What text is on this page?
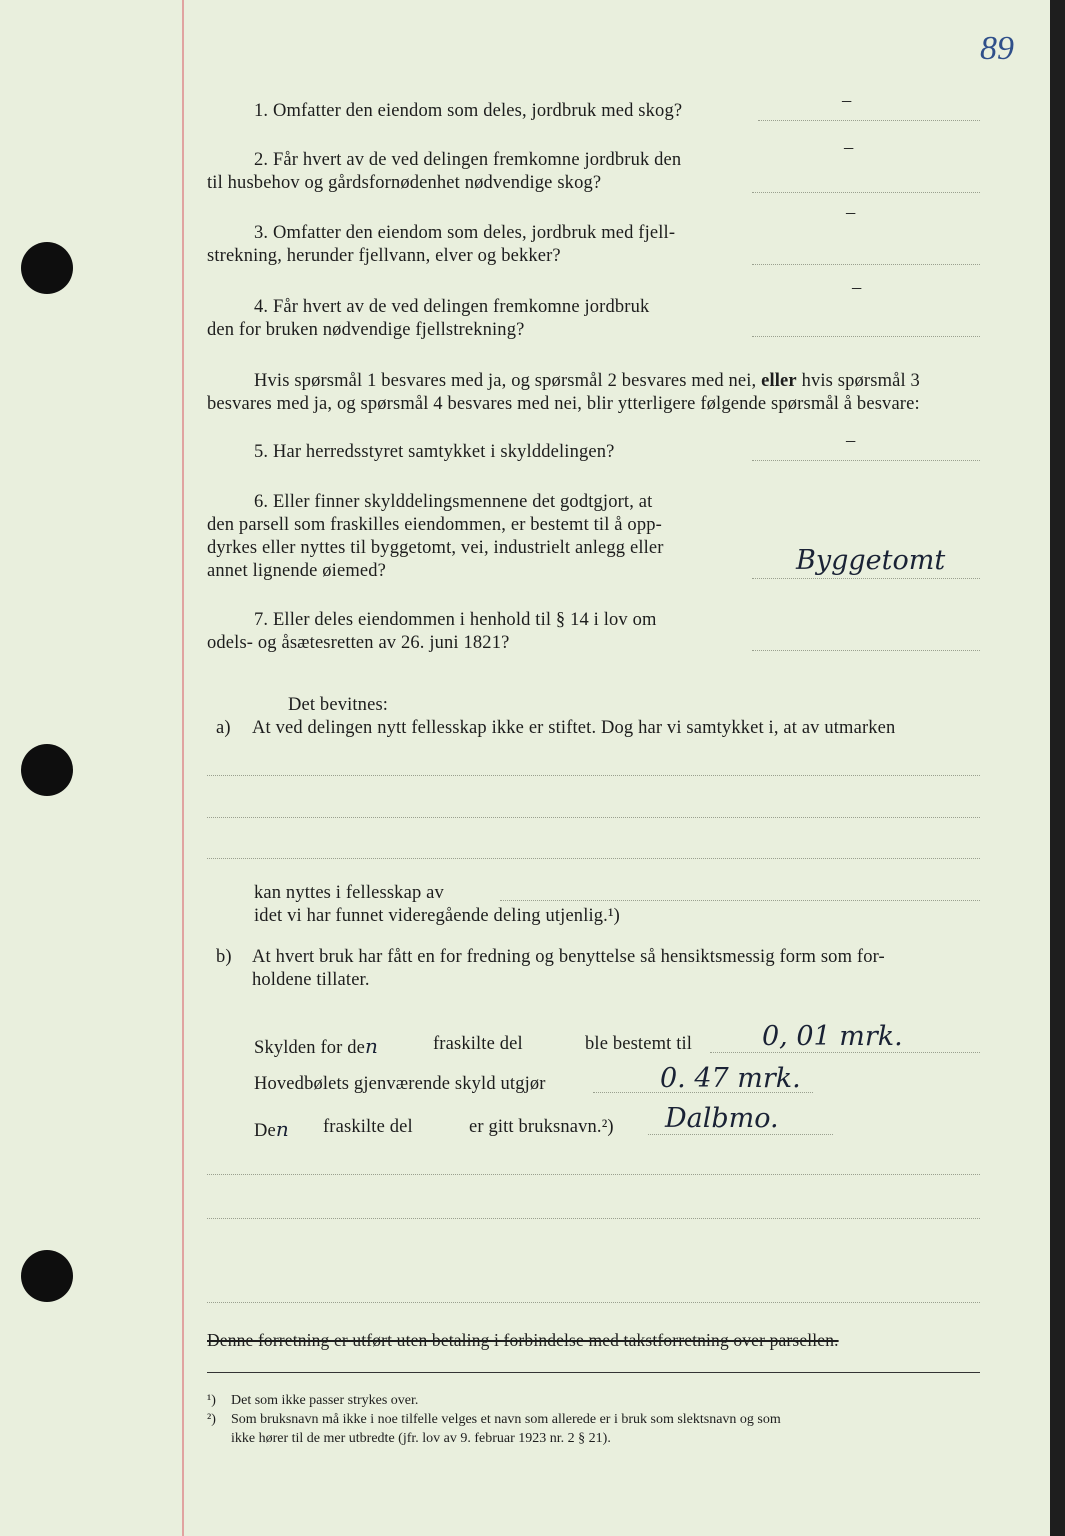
89
1. Omfatter den eiendom som deles, jordbruk med skog?	–
2. Får hvert av de ved delingen fremkomne jordbruk den
til husbehov og gårdsfornødenhet nødvendige skog?
–
3. Omfatter den eiendom som deles, jordbruk med fjell-
strekning, herunder fjellvann, elver og bekker?
–
4. Får hvert av de ved delingen fremkomne jordbruk
den for bruken nødvendige fjellstrekning?
–
Hvis spørsmål 1 besvares med ja, og spørsmål 2 besvares med nei, eller hvis spørsmål 3
besvares med ja, og spørsmål 4 besvares med nei, blir ytterligere følgende spørsmål å besvare:
5. Har herredsstyret samtykket i skylddelingen?
–
6. Eller finner skylddelingsmennene det godtgjort, at
den parsell som fraskilles eiendommen, er bestemt til å opp-
dyrkes eller nyttes til byggetomt, vei, industrielt anlegg eller
annet lignende øiemed?	Byggetomt
7. Eller deles eiendommen i henhold til § 14 i lov om
odels- og åsætesretten av 26. juni 1821?
Det bevitnes:
a) At ved delingen nytt fellesskap ikke er stiftet. Dog har vi samtykket i, at av utmarken
kan nyttes i fellesskap av
idet vi har funnet videregående deling utjenlig.¹)
b) At hvert bruk har fått en for fredning og benyttelse så hensiktsmessig form som for-
holdene tillater.
Skylden for den	fraskilte del	ble bestemt til	0, 01 mrk.
Hovedbølets gjenværende skyld utgjør	0. 47 mrk.
Den fraskilte del	er gitt bruksnavn.²) Dalbmo.
Denne forretning er utført uten betaling i forbindelse med takstforretning over parsellen.
¹) Det som ikke passer strykes over.
²) Som bruksnavn må ikke i noe tilfelle velges et navn som allerede er i bruk som slektsnavn og som
ikke hører til de mer utbredte (jfr. lov av 9. februar 1923 nr. 2 § 21).
